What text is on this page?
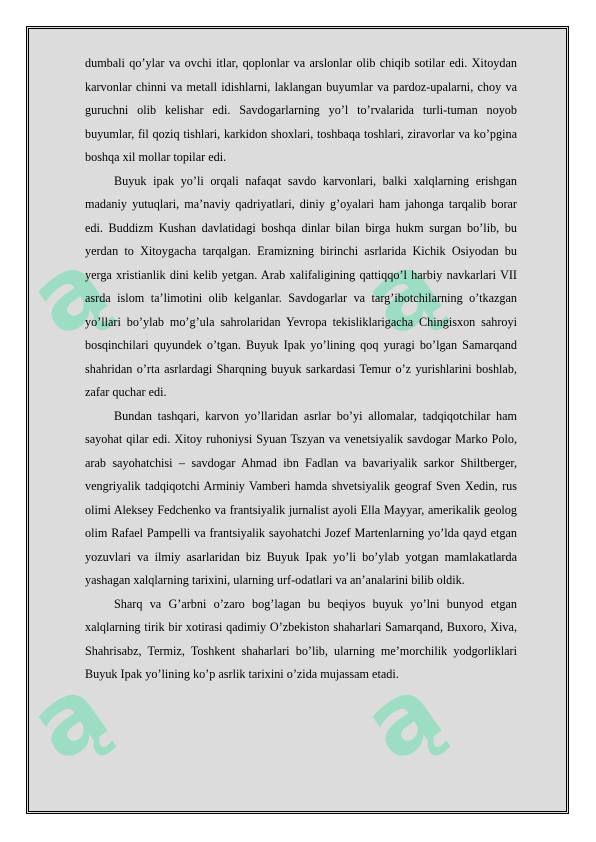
ą ą
ą
ą

dumbali qo’ylar va ovchi itlar, qoplonlar va arslonlar olib chiqib sotilar edi. Xitoydan karvonlar chinni va metall idishlarni, laklangan buyumlar va pardoz-upalarni, choy va guruchni olib kelishar edi. Savdogarlarning yo’l to’rvalarida turli-tuman noyob buyumlar, fil qoziq tishlari, karkidon shoxlari, toshbaqa toshlari, ziravorlar va ko’pgina boshqa xil mollar topilar edi.

Buyuk ipak yo’li orqali nafaqat savdo karvonlari, balki xalqlarning erishgan madaniy yutuqlari, ma’naviy qadriyatlari, diniy g’oyalari ham jahonga tarqalib borar edi. Buddizm Kushan davlatidagi boshqa dinlar bilan birga hukm surgan bo’lib, bu yerdan to Xitoygacha tarqalgan. Eramizning birinchi asrlarida Kichik Osiyodan bu yerga xristianlik dini kelib yetgan. Arab xalifaligining qattiqqo’l harbiy navkarlari VII asrda islom ta’limotini olib kelganlar. Savdogarlar va targ’ibotchilarning o’tkazgan yo’llari bo’ylab mo’g’ula sahrolaridan Yevropa tekisliklarigacha Chingisxon sahroyi bosqinchilari quyundek o’tgan. Buyuk Ipak yo’lining qoq yuragi bo’lgan Samarqand shahridan o’rta asrlardagi Sharqning buyuk sarkardasi Temur o’z yurishlarini boshlab, zafar quchar edi.

Bundan tashqari, karvon yo’llaridan asrlar bo’yi allomalar, tadqiqotchilar ham sayohat qilar edi. Xitoy ruhoniysi Syuan Tszyan va venetsiyalik savdogar Marko Polo, arab sayohatchisi – savdogar Ahmad ibn Fadlan va bavariyalik sarkor Shiltberger, vengriyalik tadqiqotchi Arminiy Vamberi hamda shvetsiyalik geograf Sven Xedin, rus olimi Aleksey Fedchenko va frantsiyalik jurnalist ayoli Ella Mayyar, amerikalik geolog olim Rafael Pampelli va frantsiyalik sayohatchi Jozef Martenlarning yo’lda qayd etgan yozuvlari va ilmiy asarlaridan biz Buyuk Ipak yo’li bo’ylab yotgan mamlakatlarda yashagan xalqlarning tarixini, ularning urf-odatlari va an’analarini bilib oldik.

Sharq va G’arbni o’zaro bog’lagan bu beqiyos buyuk yo’lni bunyod etgan xalqlarning tirik bir xotirasi qadimiy O’zbekiston shaharlari Samarqand, Buxoro, Xiva, Shahrisabz, Termiz, Toshkent shaharlari bo’lib, ularning me’morchilik yodgorliklari Buyuk Ipak yo’lining ko’p asrlik tarixini o’zida mujassam etadi.
